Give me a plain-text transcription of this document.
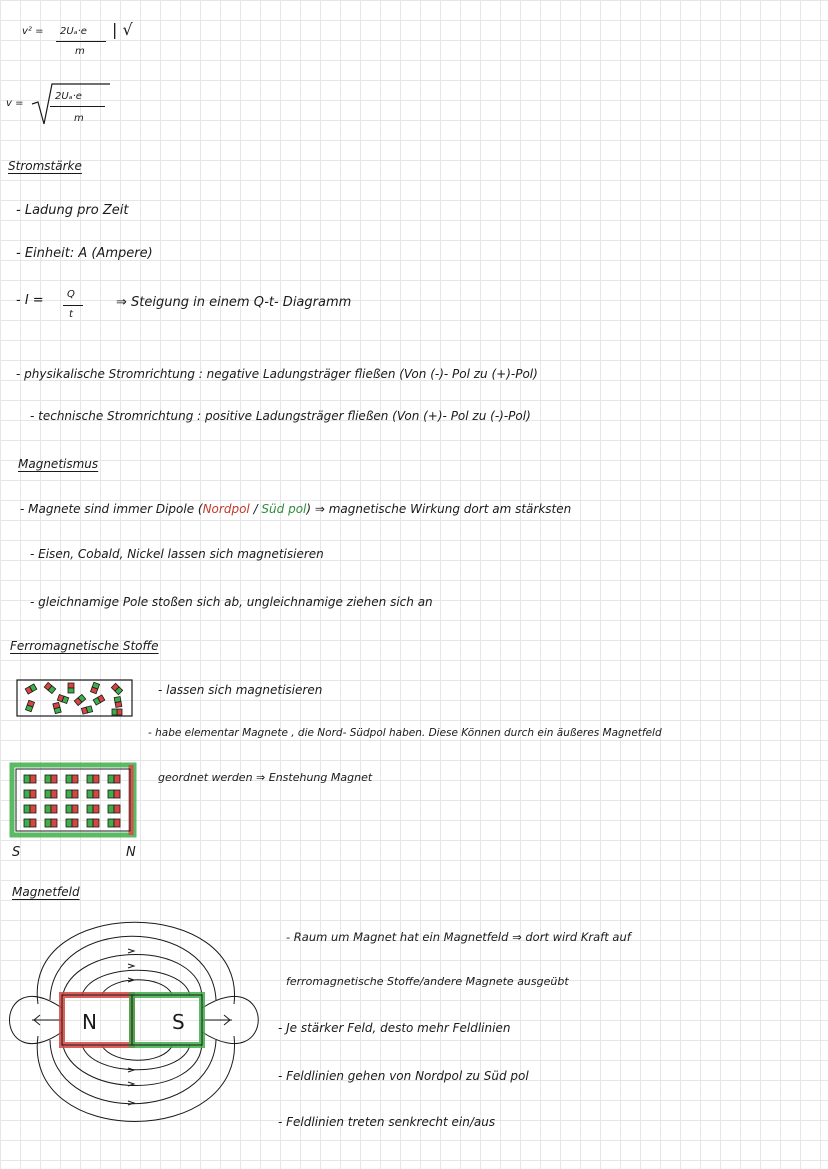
v² = 2Uₐ·e
m
| √
v =
2Uₐ·e
m
Stromstärke
- Ladung pro Zeit
- Einheit: A (Ampere)
- I = Q
t
⇒ Steigung in einem Q-t- Diagramm
- physikalische Stromrichtung : negative Ladungsträger fließen (Von (-)- Pol zu (+)-Pol)
- technische Stromrichtung : positive Ladungsträger fließen (Von (+)- Pol zu (-)-Pol)
Magnetismus
- Magnete sind immer Dipole (Nordpol / Süd pol) ⇒ magnetische Wirkung dort am stärksten
- Eisen, Cobald, Nickel lassen sich magnetisieren
- gleichnamige Pole stoßen sich ab, ungleichnamige ziehen sich an
Ferromagnetische Stoffe
S	N
- lassen sich magnetisieren
- habe elementar Magnete , die Nord- Südpol haben. Diese Können durch ein äußeres Magnetfeld
geordnet werden ⇒ Enstehung Magnet
Magnetfeld
N	S
- Raum um Magnet hat ein Magnetfeld ⇒ dort wird Kraft auf
ferromagnetische Stoffe/andere Magnete ausgeübt
- Je stärker Feld, desto mehr Feldlinien
- Feldlinien gehen von Nordpol zu Süd pol
- Feldlinien treten senkrecht ein/aus
